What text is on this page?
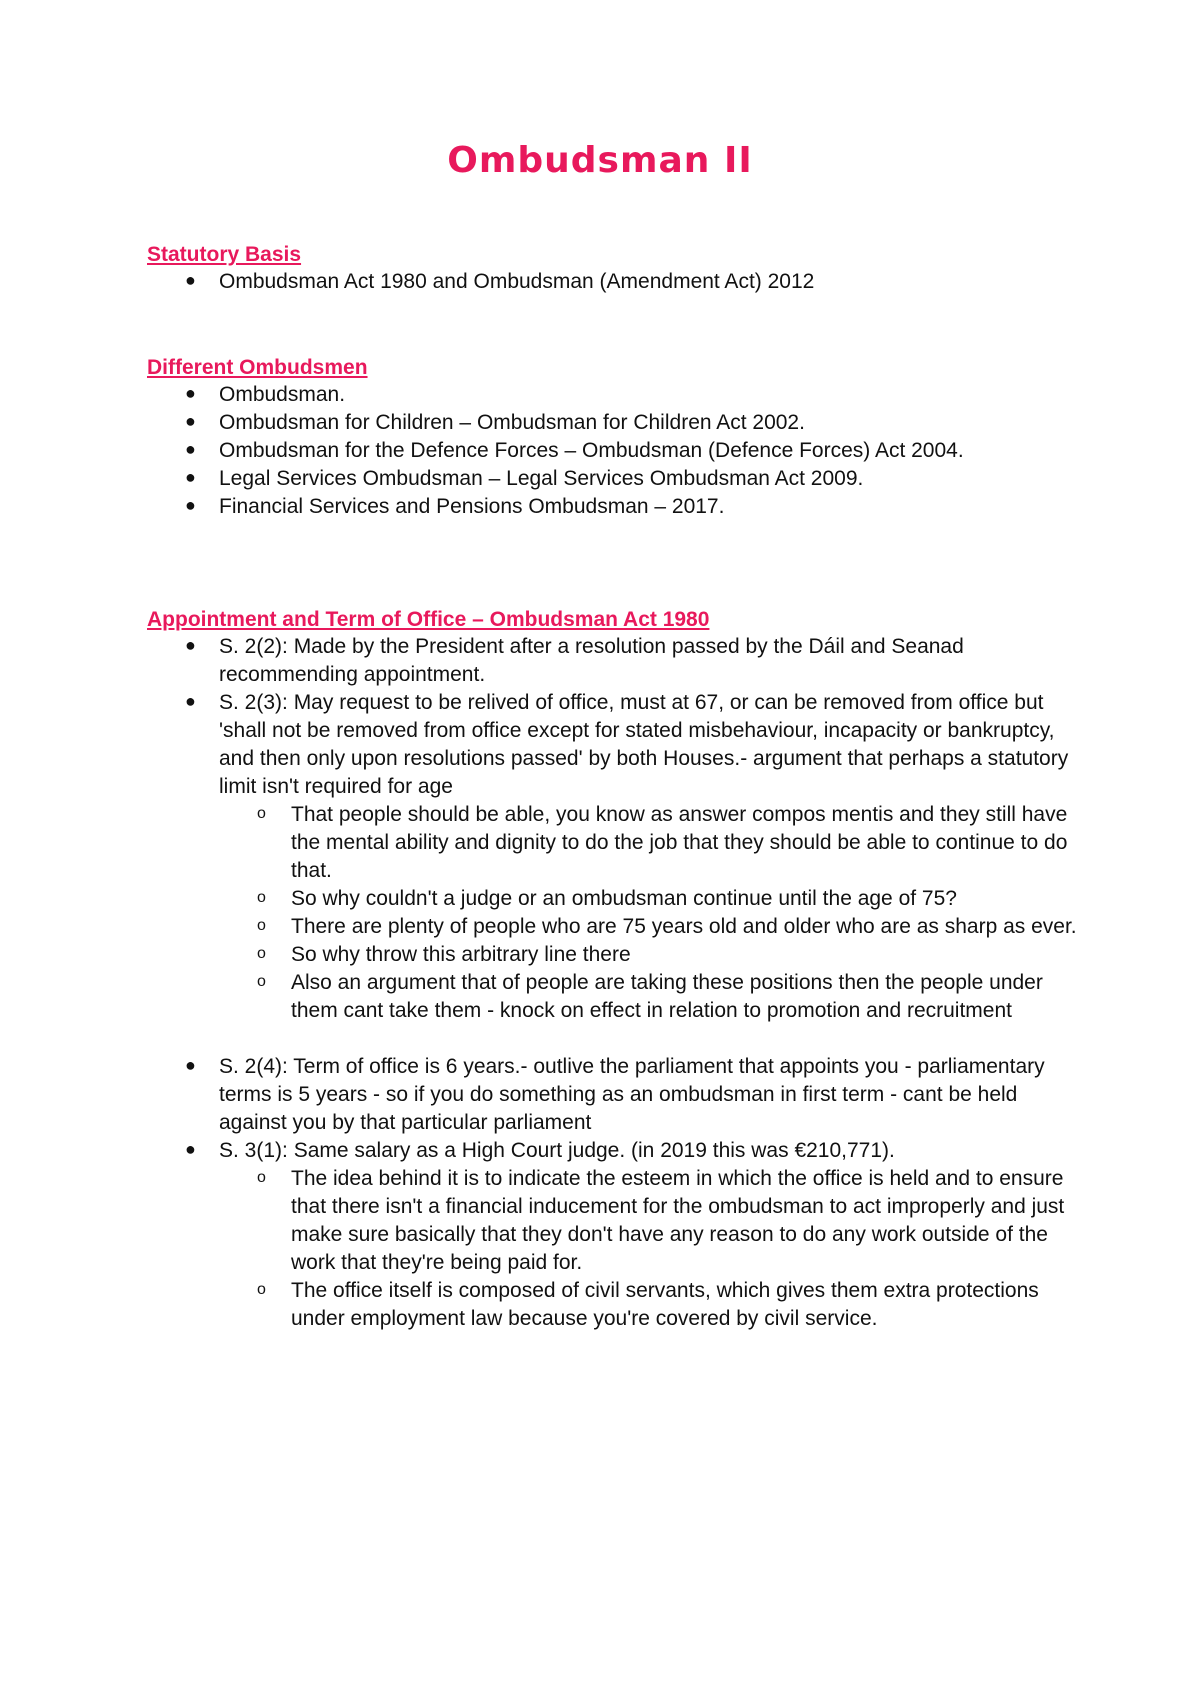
Ombudsman II

Statutory Basis

● Ombudsman Act 1980 and Ombudsman (Amendment Act) 2012

Different Ombudsmen

● Ombudsman.
● Ombudsman for Children – Ombudsman for Children Act 2002.
● Ombudsman for the Defence Forces – Ombudsman (Defence Forces) Act 2004.
● Legal Services Ombudsman – Legal Services Ombudsman Act 2009.
● Financial Services and Pensions Ombudsman – 2017.

Appointment and Term of Office – Ombudsman Act 1980

● S. 2(2): Made by the President after a resolution passed by the Dáil and Seanad recommending appointment.
● S. 2(3): May request to be relived of office, must at 67, or can be removed from office but 'shall not be removed from office except for stated misbehaviour, incapacity or bankruptcy, and then only upon resolutions passed' by both Houses.- argument that perhaps a statutory limit isn't required for age
o That people should be able, you know as answer compos mentis and they still have the mental ability and dignity to do the job that they should be able to continue to do that.
o So why couldn't a judge or an ombudsman continue until the age of 75?
o There are plenty of people who are 75 years old and older who are as sharp as ever.
o So why throw this arbitrary line there
o Also an argument that of people are taking these positions then the people under them cant take them - knock on effect in relation to promotion and recruitment
● S. 2(4): Term of office is 6 years.- outlive the parliament that appoints you - parliamentary terms is 5 years - so if you do something as an ombudsman in first term - cant be held against you by that particular parliament
● S. 3(1): Same salary as a High Court judge. (in 2019 this was €210,771).
o The idea behind it is to indicate the esteem in which the office is held and to ensure that there isn't a financial inducement for the ombudsman to act improperly and just make sure basically that they don't have any reason to do any work outside of the work that they're being paid for.
o The office itself is composed of civil servants, which gives them extra protections under employment law because you're covered by civil service.
